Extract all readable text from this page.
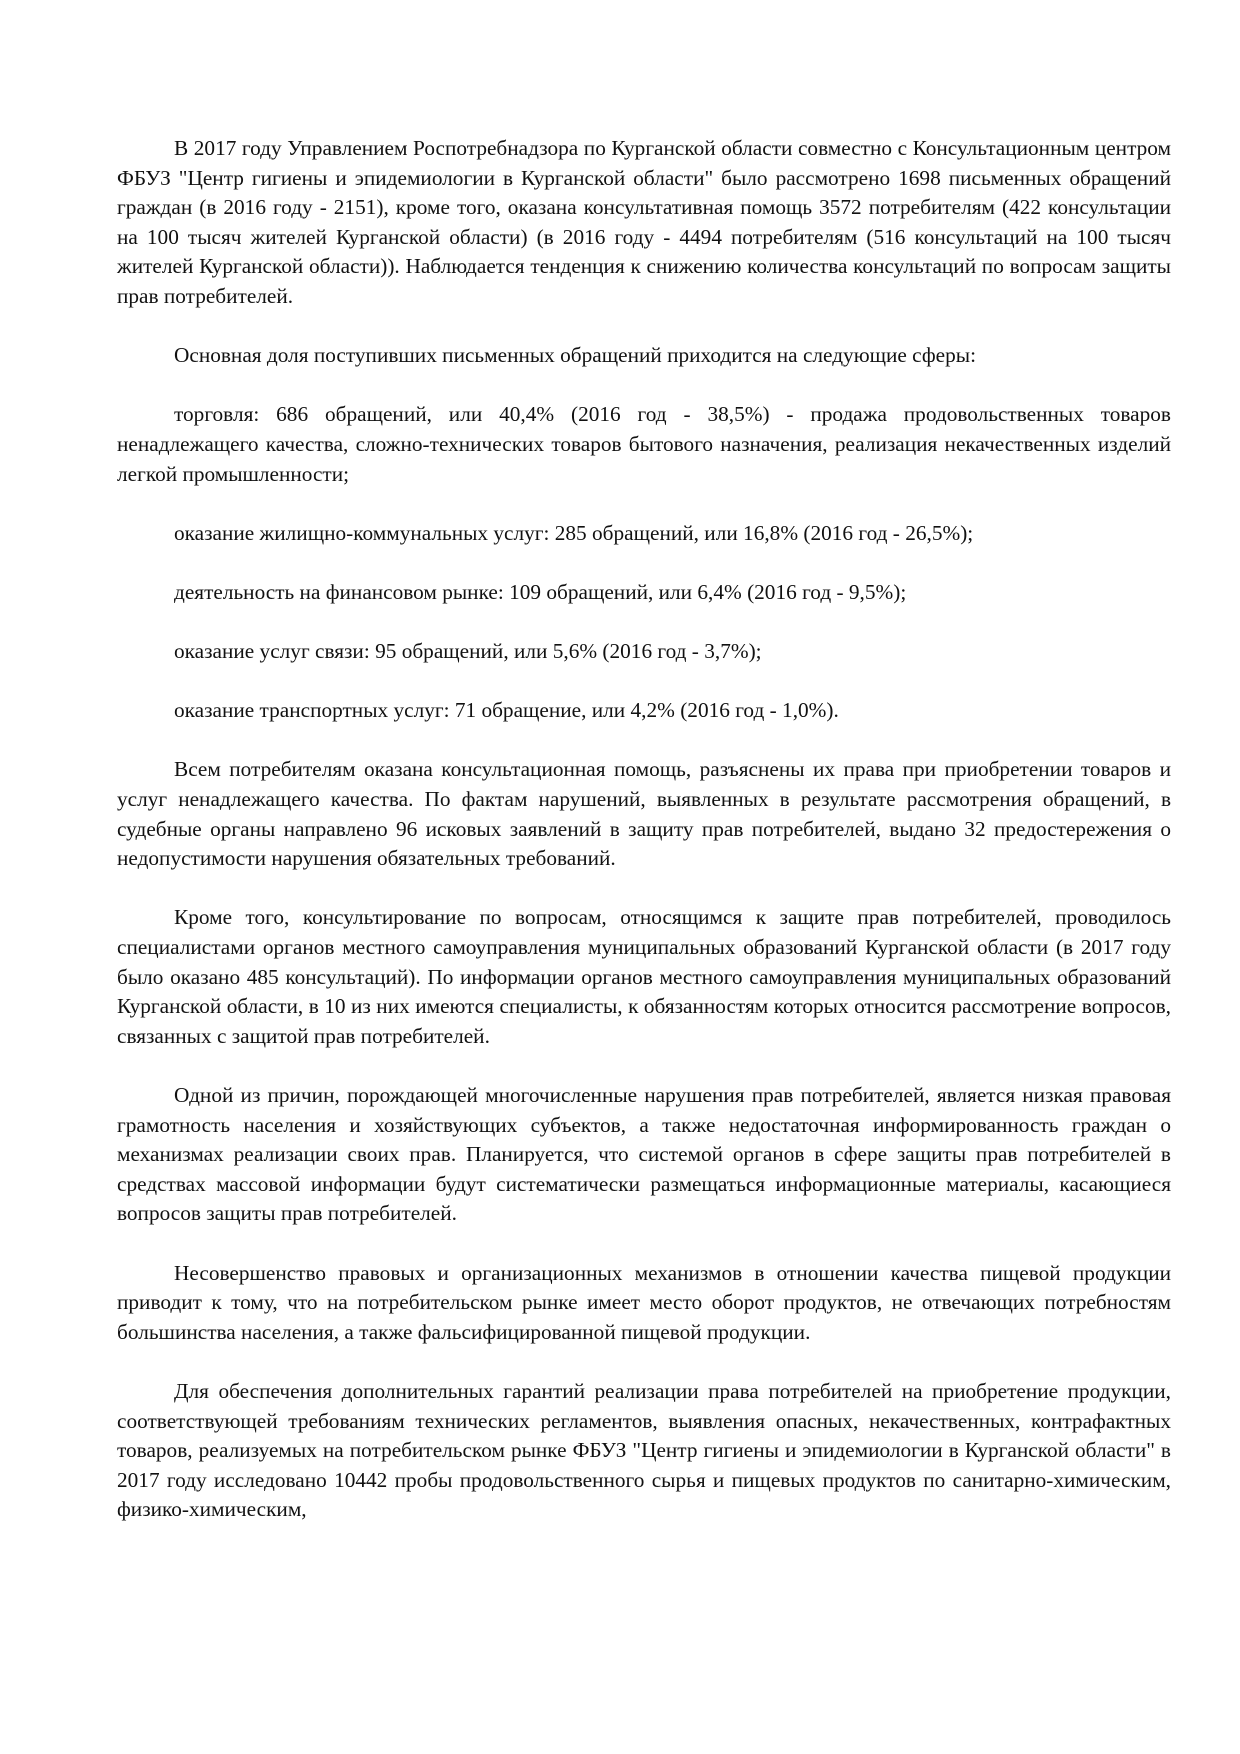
В 2017 году Управлением Роспотребнадзора по Курганской области совместно с Консультационным центром ФБУЗ "Центр гигиены и эпидемиологии в Курганской области" было рассмотрено 1698 письменных обращений граждан (в 2016 году - 2151), кроме того, оказана консультативная помощь 3572 потребителям (422 консультации на 100 тысяч жителей Курганской области) (в 2016 году - 4494 потребителям (516 консультаций на 100 тысяч жителей Курганской области)). Наблюдается тенденция к снижению количества консультаций по вопросам защиты прав потребителей.

Основная доля поступивших письменных обращений приходится на следующие сферы:

торговля: 686 обращений, или 40,4% (2016 год - 38,5%) - продажа продовольственных товаров ненадлежащего качества, сложно-технических товаров бытового назначения, реализация некачественных изделий легкой промышленности;

оказание жилищно-коммунальных услуг: 285 обращений, или 16,8% (2016 год - 26,5%);

деятельность на финансовом рынке: 109 обращений, или 6,4% (2016 год - 9,5%);

оказание услуг связи: 95 обращений, или 5,6% (2016 год - 3,7%);

оказание транспортных услуг: 71 обращение, или 4,2% (2016 год - 1,0%).

Всем потребителям оказана консультационная помощь, разъяснены их права при приобретении товаров и услуг ненадлежащего качества. По фактам нарушений, выявленных в результате рассмотрения обращений, в судебные органы направлено 96 исковых заявлений в защиту прав потребителей, выдано 32 предостережения о недопустимости нарушения обязательных требований.

Кроме того, консультирование по вопросам, относящимся к защите прав потребителей, проводилось специалистами органов местного самоуправления муниципальных образований Курганской области (в 2017 году было оказано 485 консультаций). По информации органов местного самоуправления муниципальных образований Курганской области, в 10 из них имеются специалисты, к обязанностям которых относится рассмотрение вопросов, связанных с защитой прав потребителей.

Одной из причин, порождающей многочисленные нарушения прав потребителей, является низкая правовая грамотность населения и хозяйствующих субъектов, а также недостаточная информированность граждан о механизмах реализации своих прав. Планируется, что системой органов в сфере защиты прав потребителей в средствах массовой информации будут систематически размещаться информационные материалы, касающиеся вопросов защиты прав потребителей.

Несовершенство правовых и организационных механизмов в отношении качества пищевой продукции приводит к тому, что на потребительском рынке имеет место оборот продуктов, не отвечающих потребностям большинства населения, а также фальсифицированной пищевой продукции.

Для обеспечения дополнительных гарантий реализации права потребителей на приобретение продукции, соответствующей требованиям технических регламентов, выявления опасных, некачественных, контрафактных товаров, реализуемых на потребительском рынке ФБУЗ "Центр гигиены и эпидемиологии в Курганской области" в 2017 году исследовано 10442 пробы продовольственного сырья и пищевых продуктов по санитарно-химическим, физико-химическим,
